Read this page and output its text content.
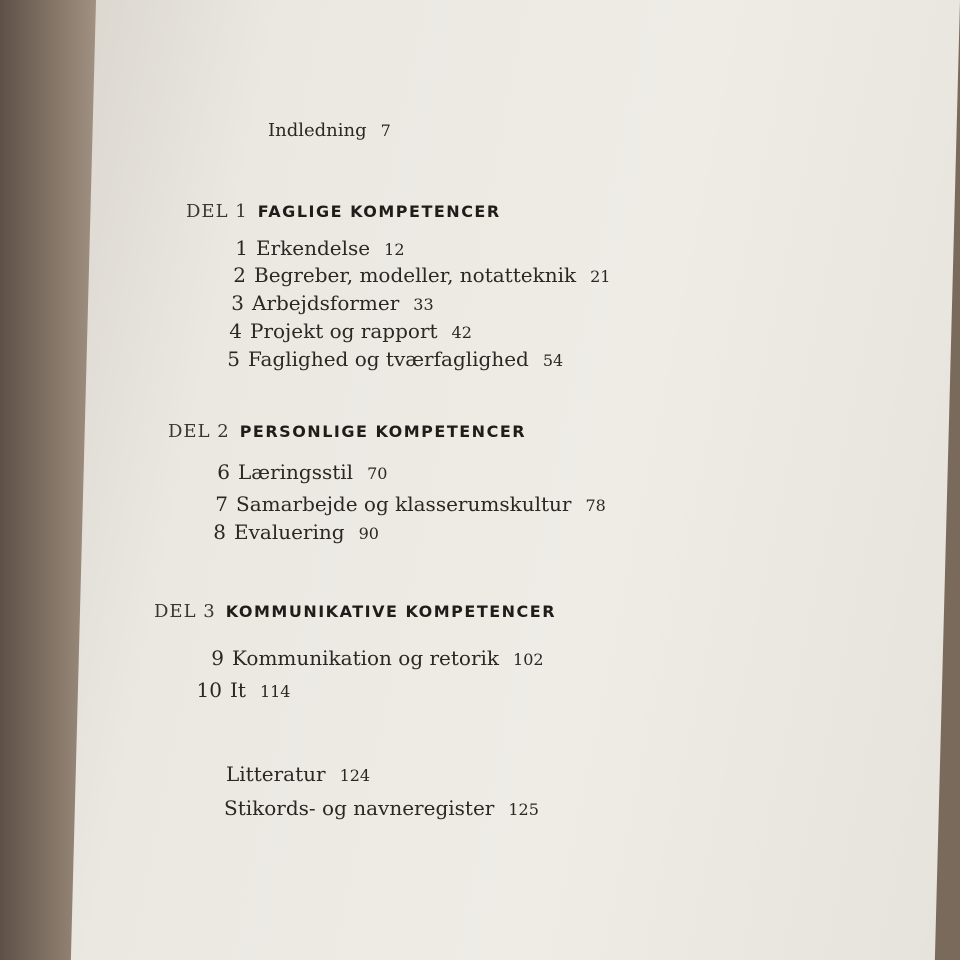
Indledning 7
DEL 1 FAGLIGE KOMPETENCER
1 Erkendelse 12
2 Begreber, modeller, notatteknik 21
3 Arbejdsformer 33
4 Projekt og rapport 42
5 Faglighed og tværfaglighed 54
DEL 2 PERSONLIGE KOMPETENCER
6 Læringsstil 70
7 Samarbejde og klasserumskultur 78
8 Evaluering 90
DEL 3 KOMMUNIKATIVE KOMPETENCER
9 Kommunikation og retorik 102
10 It 114
Litteratur 124
Stikords- og navneregister 125
